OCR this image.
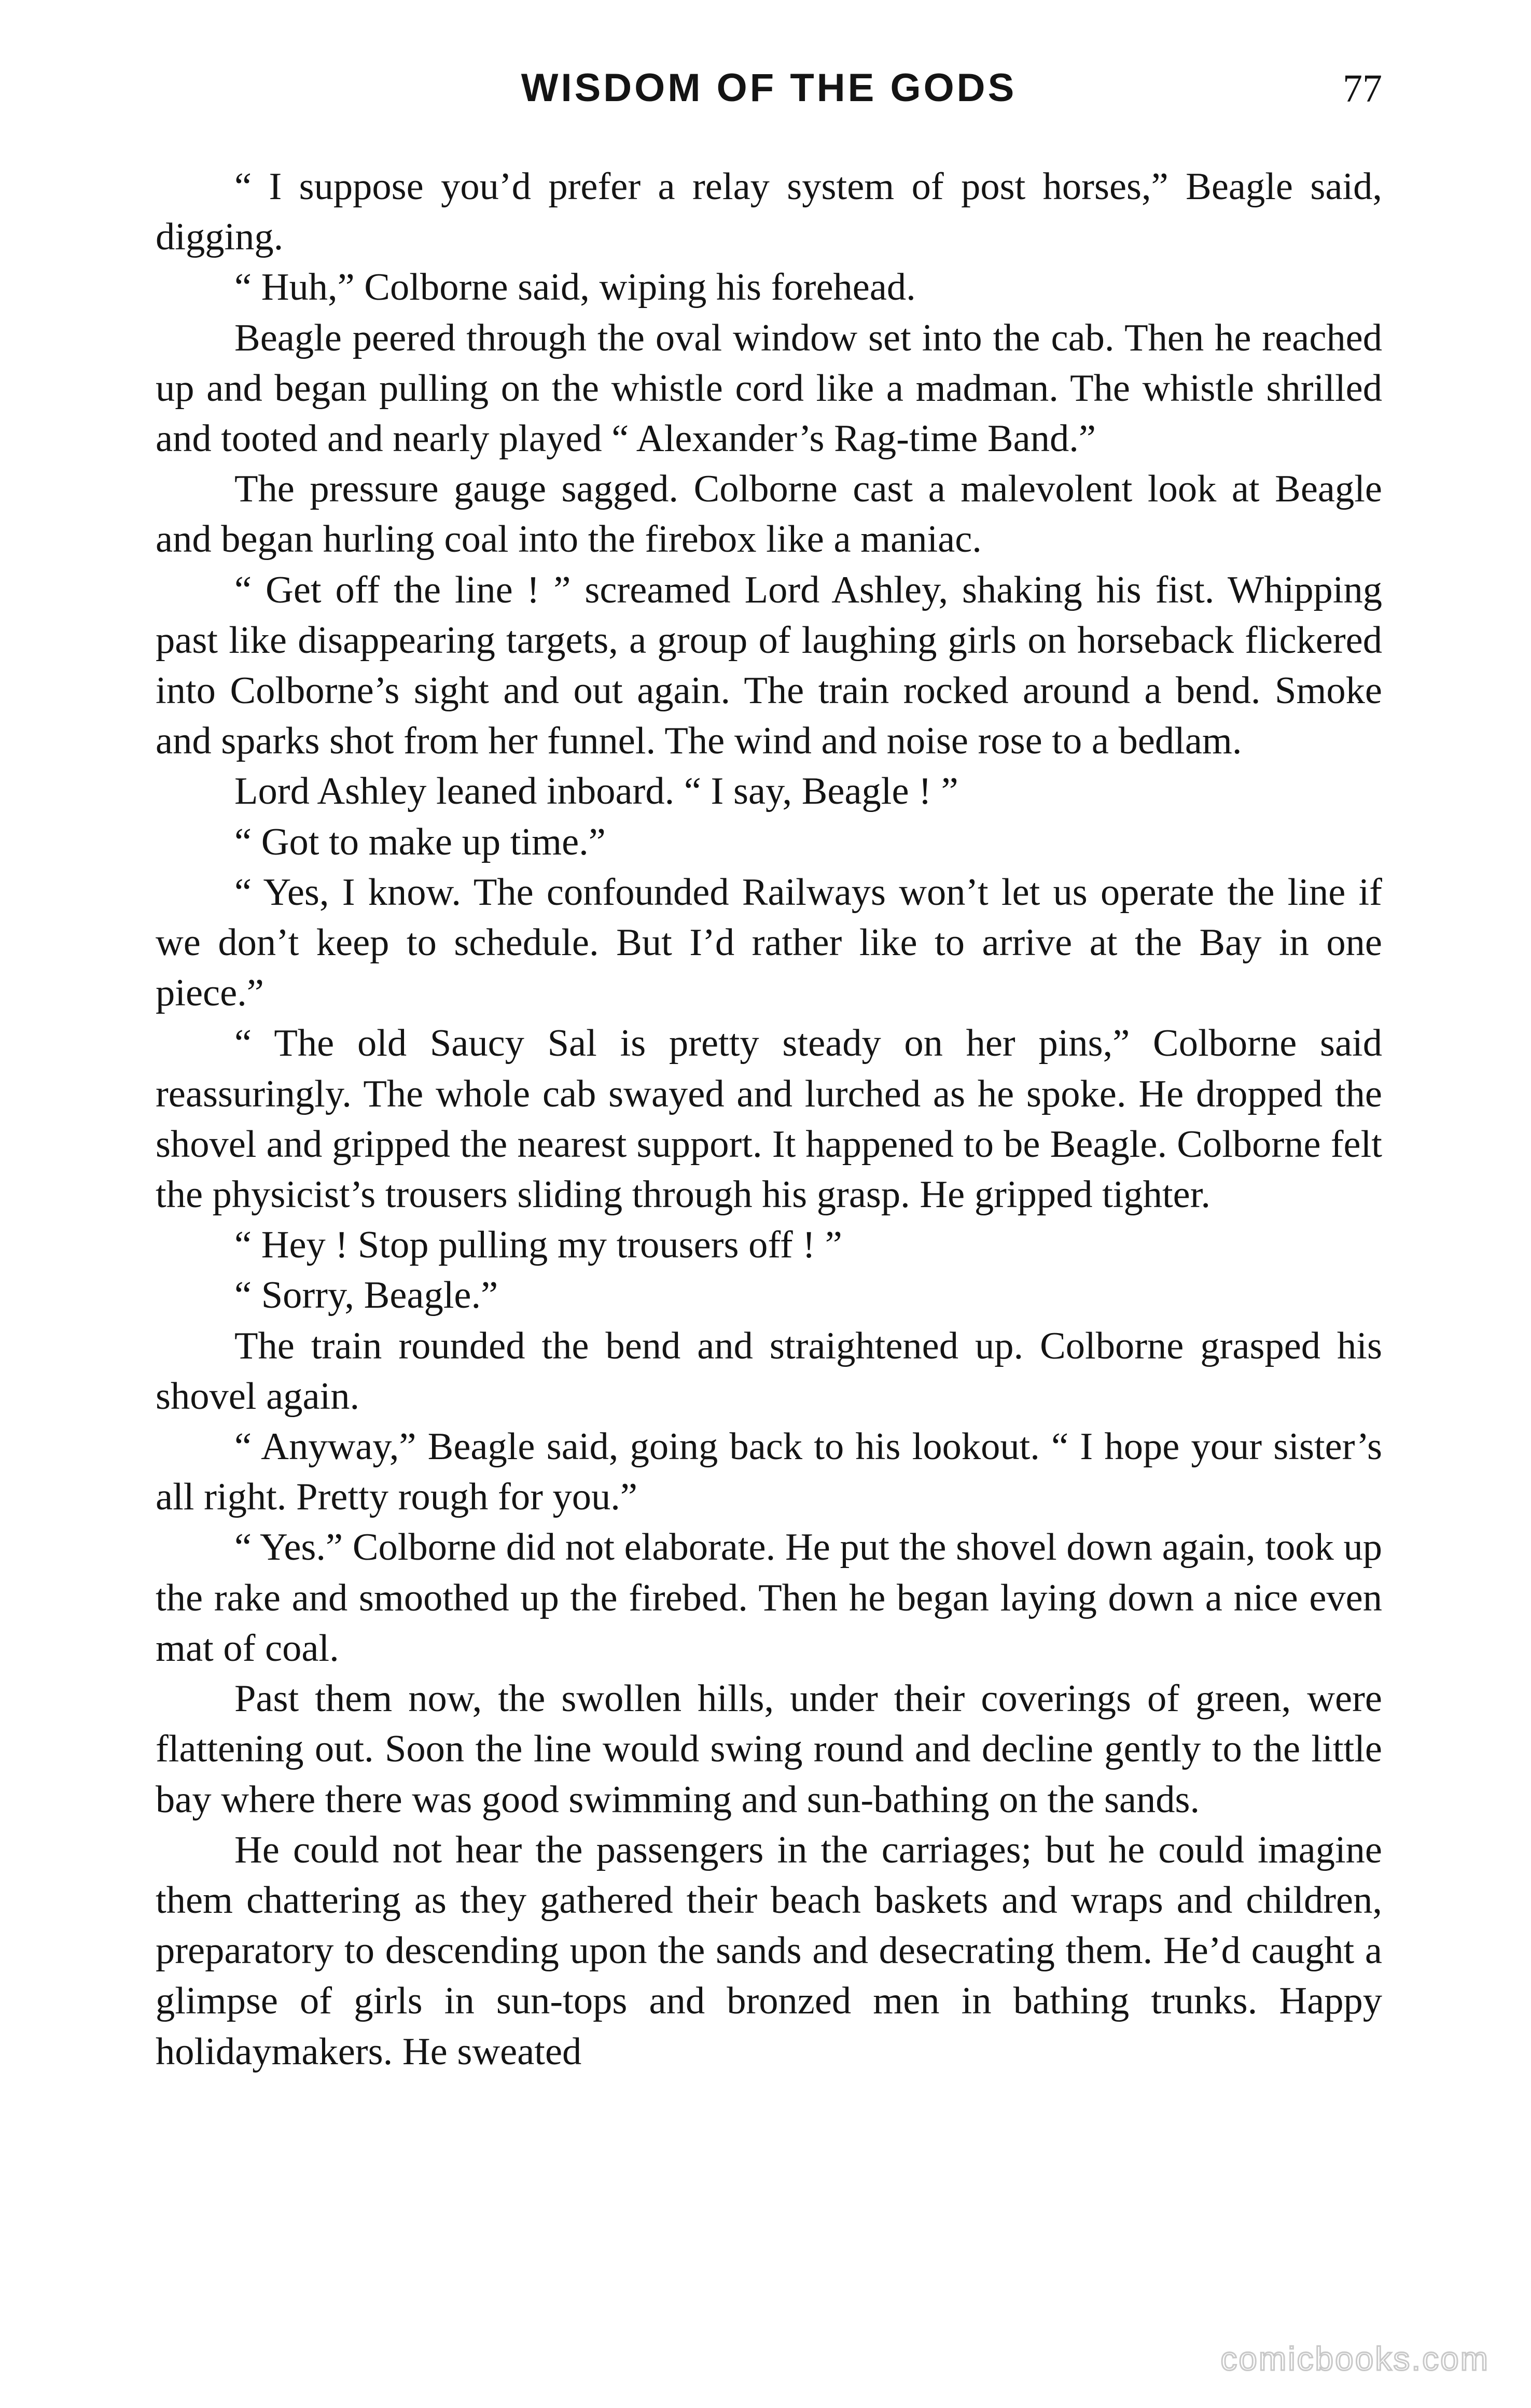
WISDOM OF THE GODS	77

“ I suppose you’d prefer a relay system of post horses,” Beagle said, digging.

“ Huh,” Colborne said, wiping his forehead.

Beagle peered through the oval window set into the cab. Then he reached up and began pulling on the whistle cord like a madman. The whistle shrilled and tooted and nearly played “ Alexander’s Rag-time Band.”

The pressure gauge sagged. Colborne cast a malevolent look at Beagle and began hurling coal into the firebox like a maniac.

“ Get off the line ! ” screamed Lord Ashley, shaking his fist. Whipping past like disappearing targets, a group of laughing girls on horseback flickered into Colborne’s sight and out again. The train rocked around a bend. Smoke and sparks shot from her funnel. The wind and noise rose to a bedlam.

Lord Ashley leaned inboard. “ I say, Beagle ! ”

“ Got to make up time.”

“ Yes, I know. The confounded Railways won’t let us operate the line if we don’t keep to schedule. But I’d rather like to arrive at the Bay in one piece.”

“ The old Saucy Sal is pretty steady on her pins,” Colborne said reassuringly. The whole cab swayed and lurched as he spoke. He dropped the shovel and gripped the nearest support. It happened to be Beagle. Colborne felt the physicist’s trousers sliding through his grasp. He gripped tighter.

“ Hey ! Stop pulling my trousers off ! ”

“ Sorry, Beagle.”

The train rounded the bend and straightened up. Colborne grasped his shovel again.

“ Anyway,” Beagle said, going back to his lookout. “ I hope your sister’s all right. Pretty rough for you.”

“ Yes.” Colborne did not elaborate. He put the shovel down again, took up the rake and smoothed up the firebed. Then he began laying down a nice even mat of coal.

Past them now, the swollen hills, under their coverings of green, were flattening out. Soon the line would swing round and decline gently to the little bay where there was good swimming and sun-bathing on the sands.

He could not hear the passengers in the carriages; but he could imagine them chattering as they gathered their beach baskets and wraps and children, preparatory to descending upon the sands and desecrating them. He’d caught a glimpse of girls in sun-tops and bronzed men in bathing trunks. Happy holidaymakers. He sweated

comicbooks.com
